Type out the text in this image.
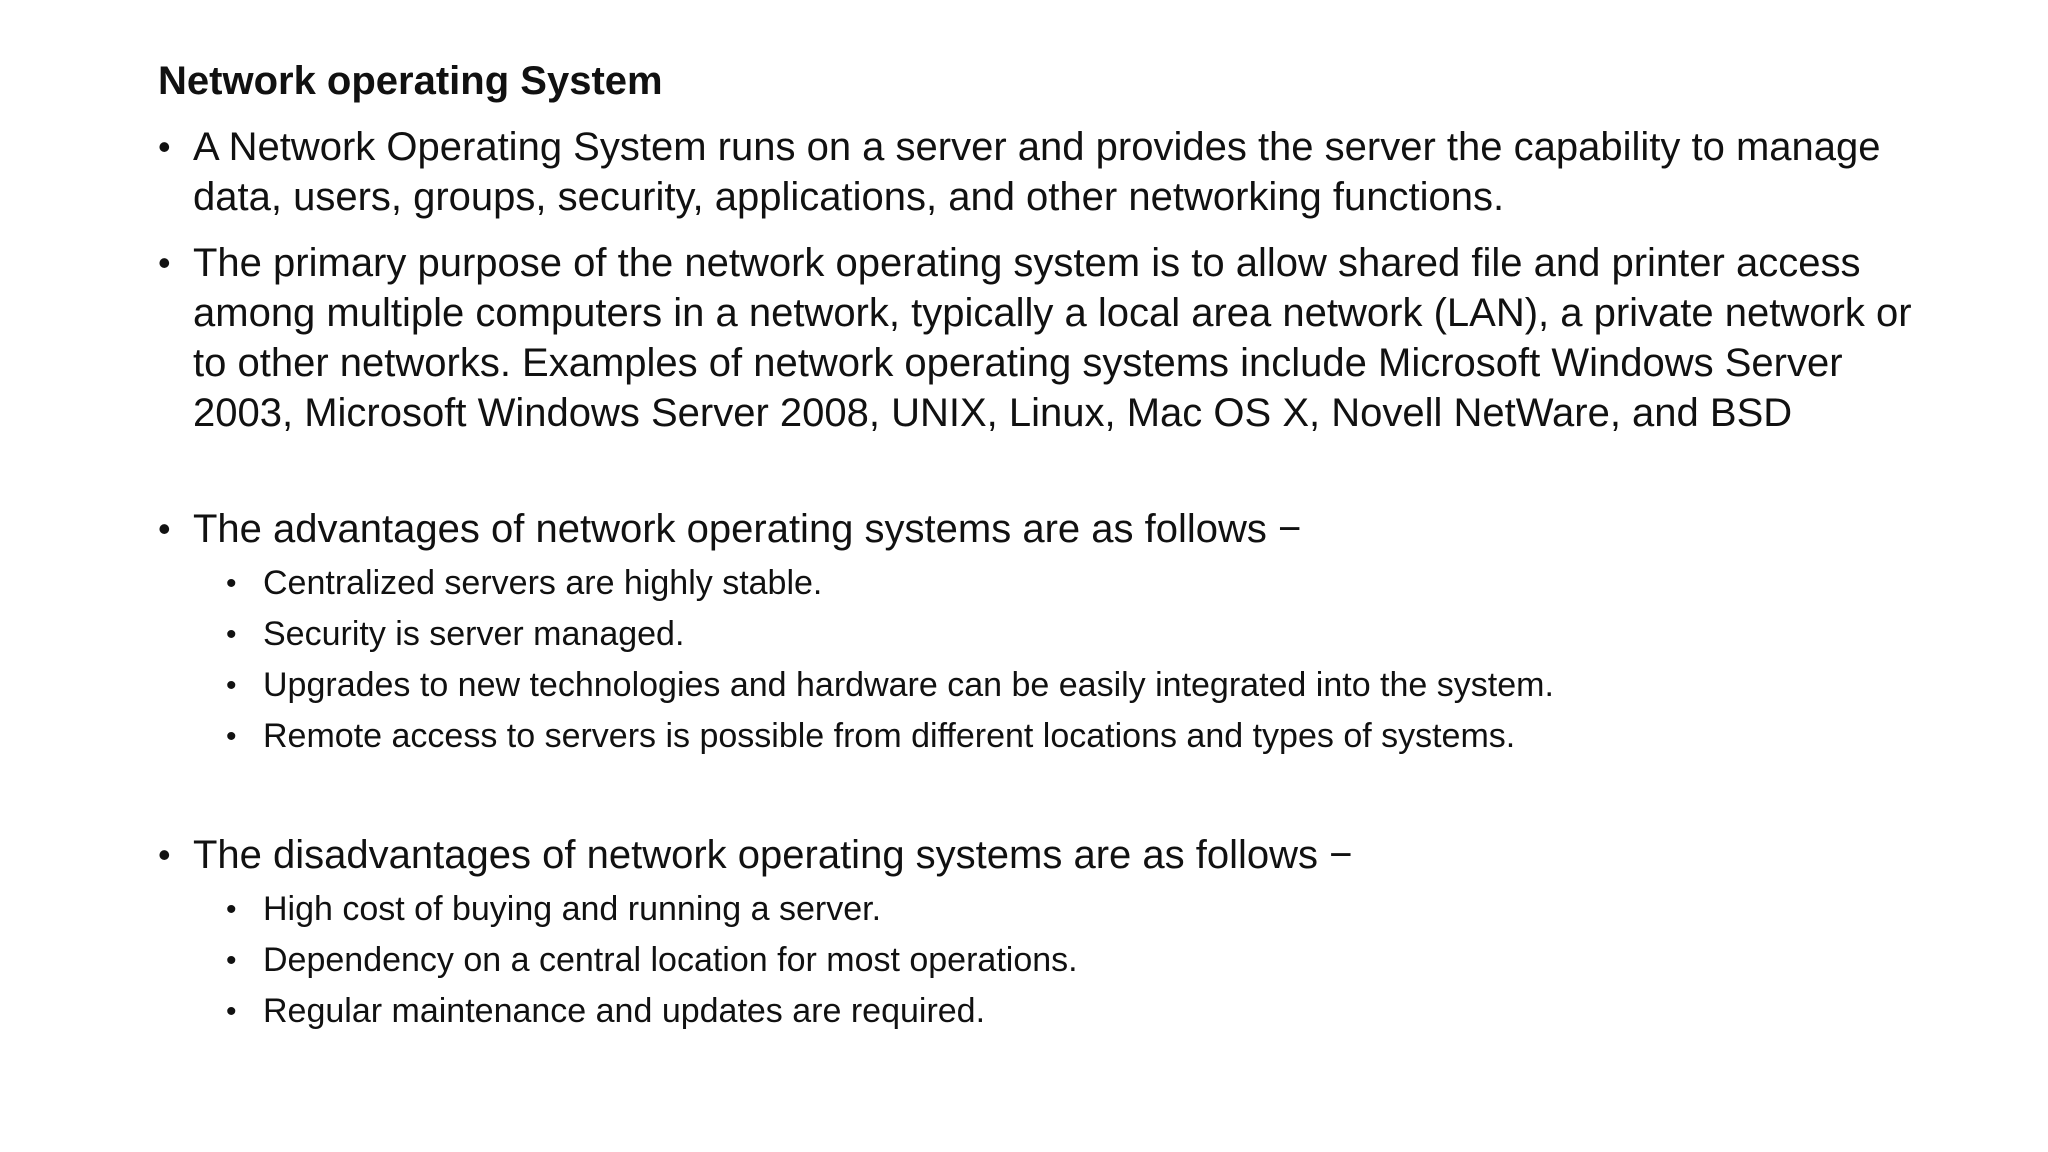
Network operating System

• A Network Operating System runs on a server and provides the server the capability to manage data, users, groups, security, applications, and other networking functions.

• The primary purpose of the network operating system is to allow shared file and printer access among multiple computers in a network, typically a local area network (LAN), a private network or to other networks. Examples of network operating systems include Microsoft Windows Server 2003, Microsoft Windows Server 2008, UNIX, Linux, Mac OS X, Novell NetWare, and BSD

• The advantages of network operating systems are as follows −

• Centralized servers are highly stable.

• Security is server managed.

• Upgrades to new technologies and hardware can be easily integrated into the system.

• Remote access to servers is possible from different locations and types of systems.

• The disadvantages of network operating systems are as follows −

• High cost of buying and running a server.

• Dependency on a central location for most operations.

• Regular maintenance and updates are required.
